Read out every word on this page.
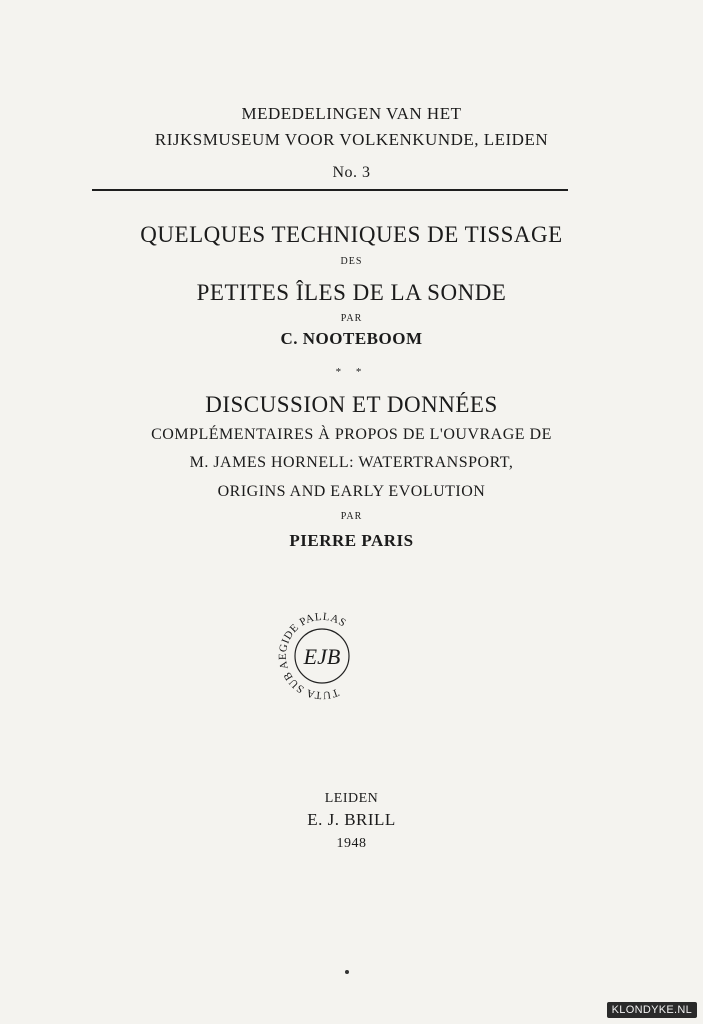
MEDEDELINGEN VAN HET
RIJKSMUSEUM VOOR VOLKENKUNDE, LEIDEN
No. 3
QUELQUES TECHNIQUES DE TISSAGE
DES
PETITES ÎLES DE LA SONDE
PAR
C. NOOTEBOOM
* *
DISCUSSION ET DONNÉES
COMPLÉMENTAIRES À PROPOS DE L'OUVRAGE DE
M. JAMES HORNELL: WATERTRANSPORT,
ORIGINS AND EARLY EVOLUTION
PAR
PIERRE PARIS
TUTA SUB AEGIDE PALLAS
EJB
LEIDEN
E. J. BRILL
1948
KLONDYKE.NL
